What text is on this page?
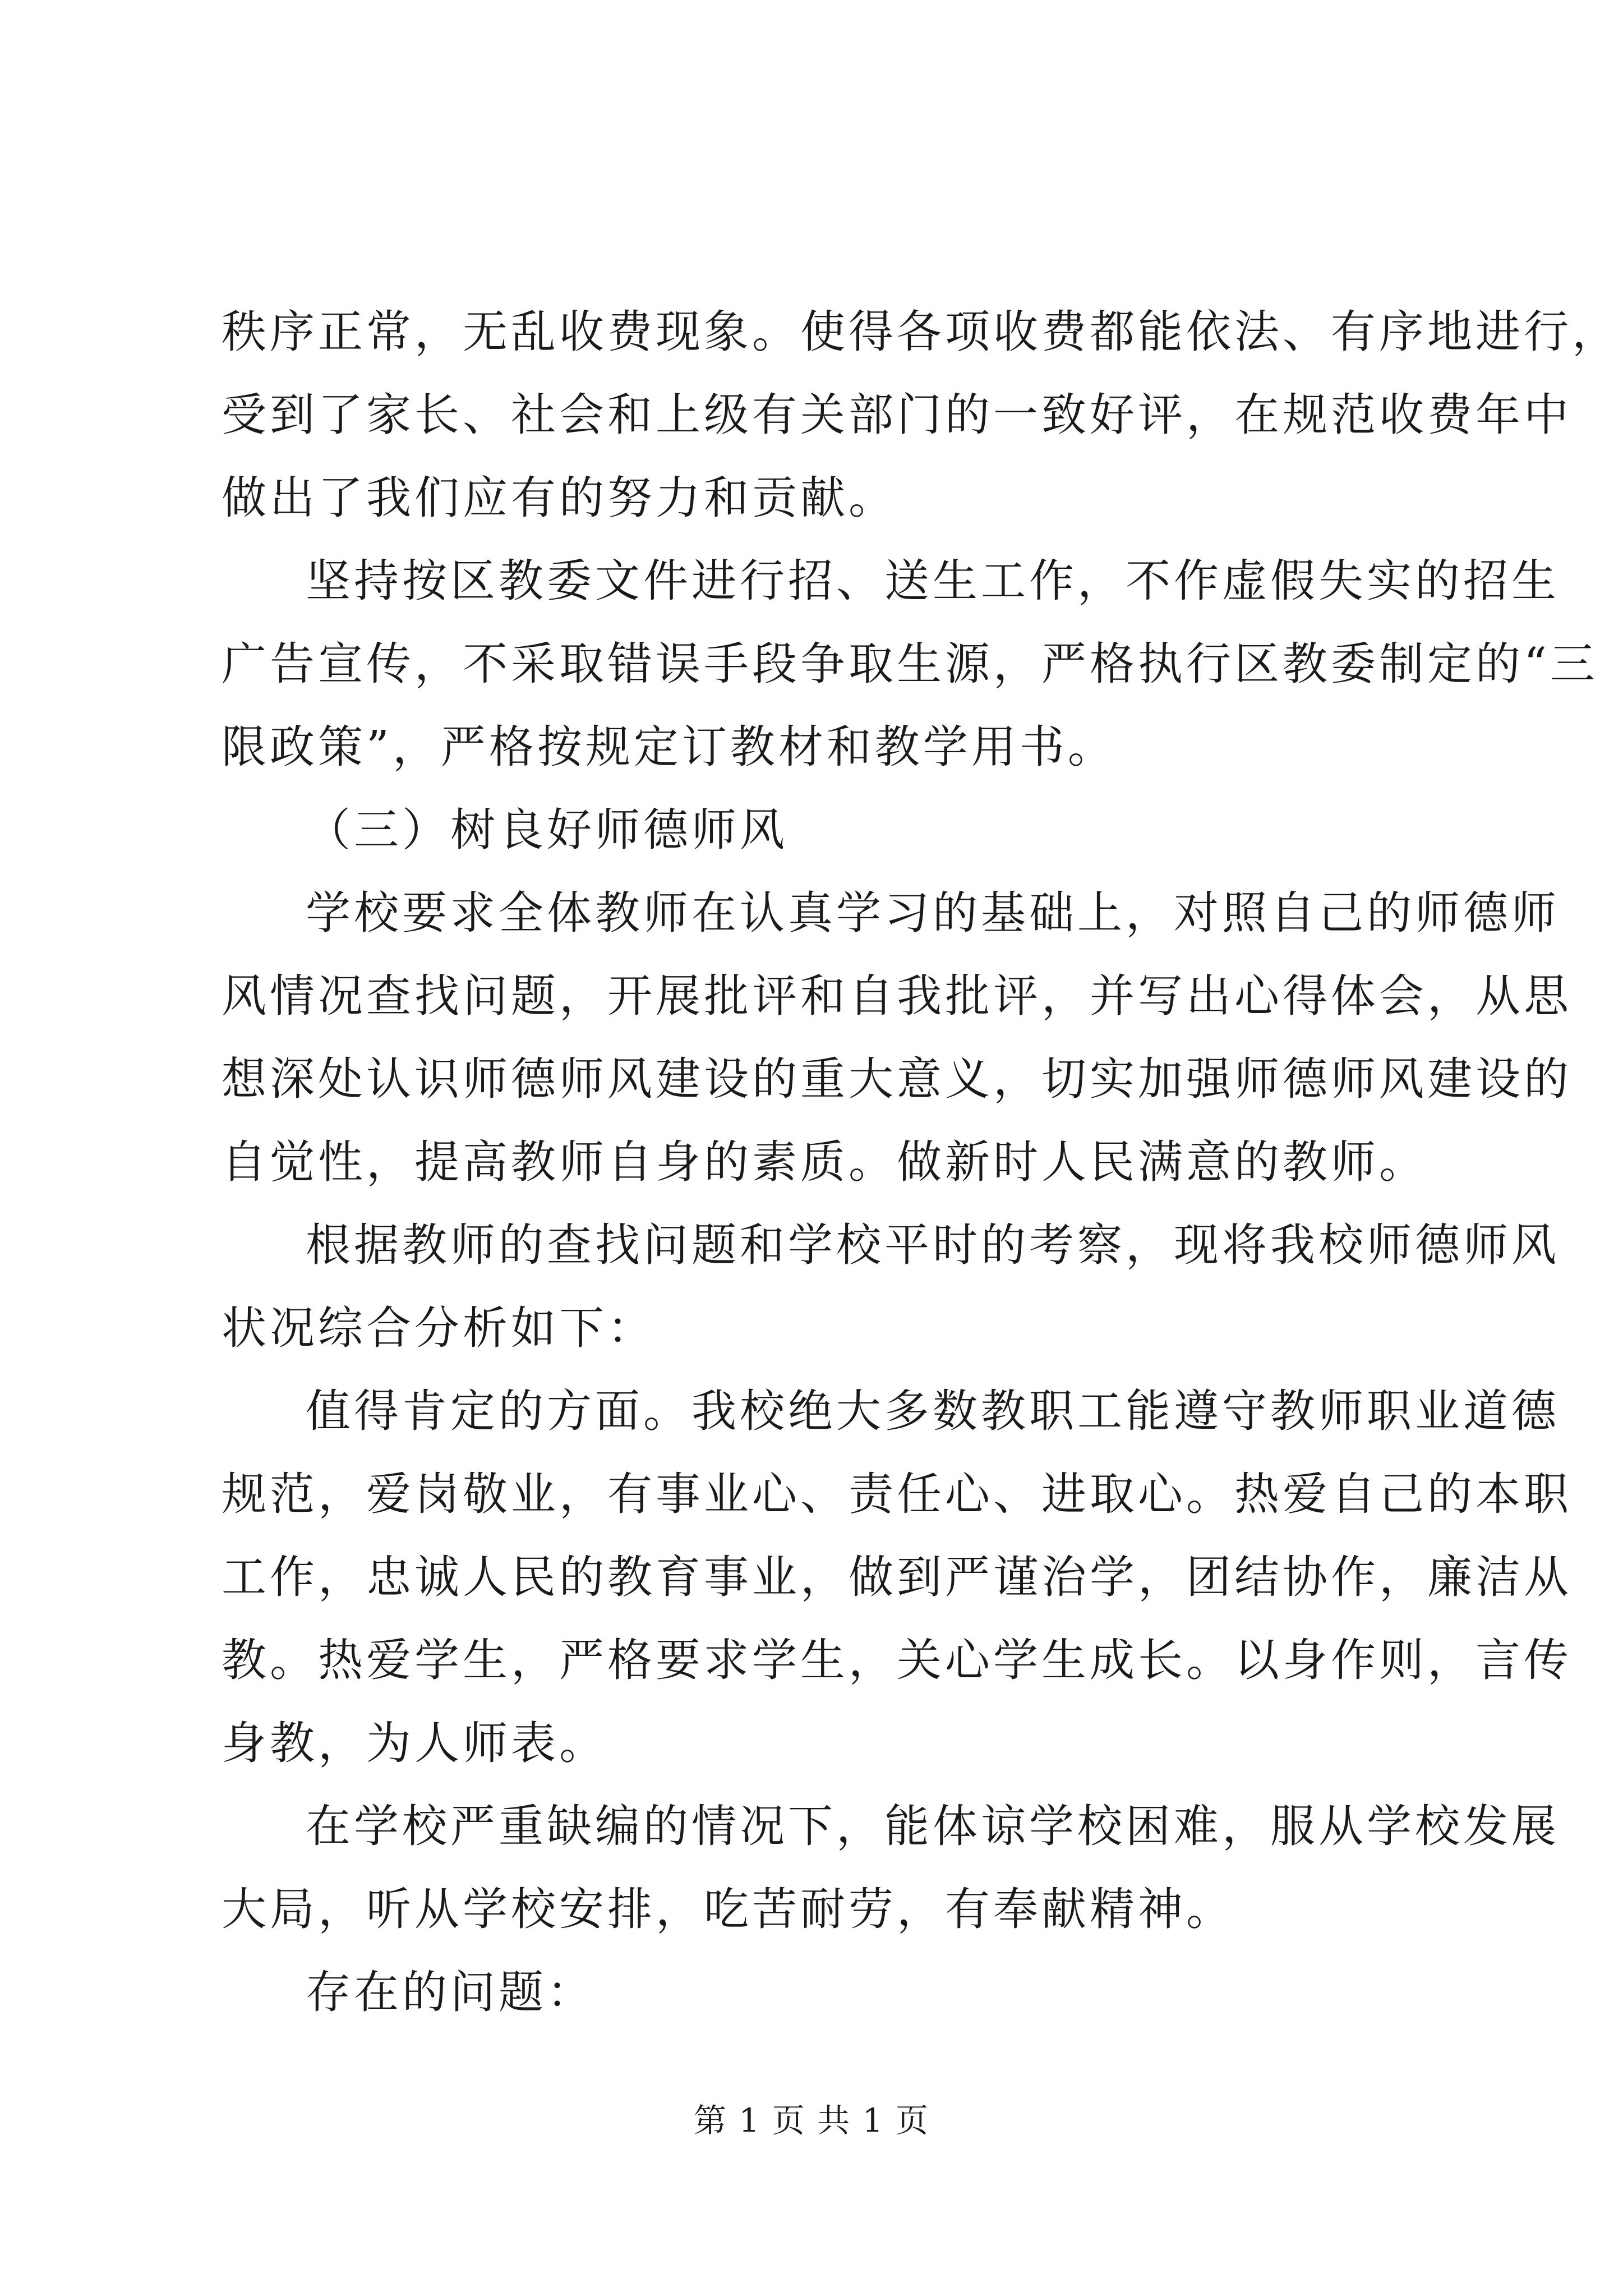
秩序正常，无乱收费现象。使得各项收费都能依法、有序地进行，
受到了家长、社会和上级有关部门的一致好评，在规范收费年中
做出了我们应有的努力和贡献。
坚持按区教委文件进行招、送生工作，不作虚假失实的招生
广告宣传，不采取错误手段争取生源，严格执行区教委制定的“三
限政策”，严格按规定订教材和教学用书。
（三）树良好师德师风
学校要求全体教师在认真学习的基础上，对照自己的师德师
风情况查找问题，开展批评和自我批评，并写出心得体会，从思
想深处认识师德师风建设的重大意义，切实加强师德师风建设的
自觉性，提高教师自身的素质。做新时人民满意的教师。
根据教师的查找问题和学校平时的考察，现将我校师德师风
状况综合分析如下：
值得肯定的方面。我校绝大多数教职工能遵守教师职业道德
规范，爱岗敬业，有事业心、责任心、进取心。热爱自己的本职
工作，忠诚人民的教育事业，做到严谨治学，团结协作，廉洁从
教。热爱学生，严格要求学生，关心学生成长。以身作则，言传
身教，为人师表。
在学校严重缺编的情况下，能体谅学校困难，服从学校发展
大局，听从学校安排，吃苦耐劳，有奉献精神。
存在的问题：
第 1 页 共 1 页
